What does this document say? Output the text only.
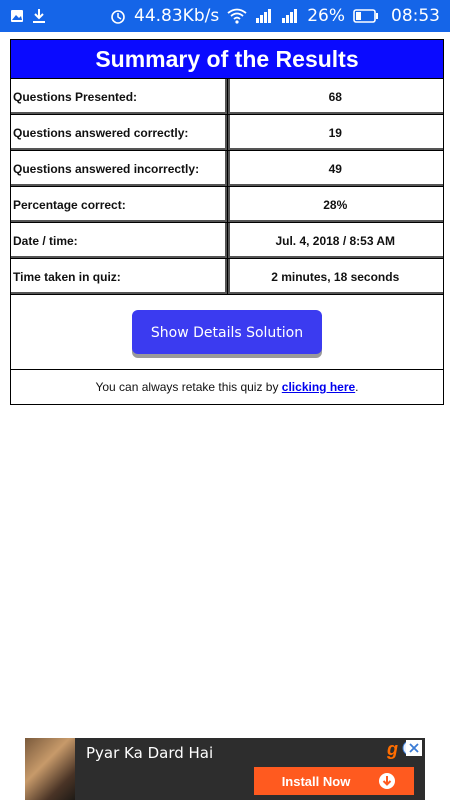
44.83Kb/s	26%	08:53
Summary of the Results	
Questions Presented:	68
Questions answered correctly:	19
Questions answered incorrectly:	49
Percentage correct:	28%
Date / time:	Jul. 4, 2018 / 8:53 AM
Time taken in quiz:	2 minutes, 18 seconds
Show Details Solution	
You can always retake this quiz by clicking here.	
Pyar Ka Dard Hai	g
Install Now
